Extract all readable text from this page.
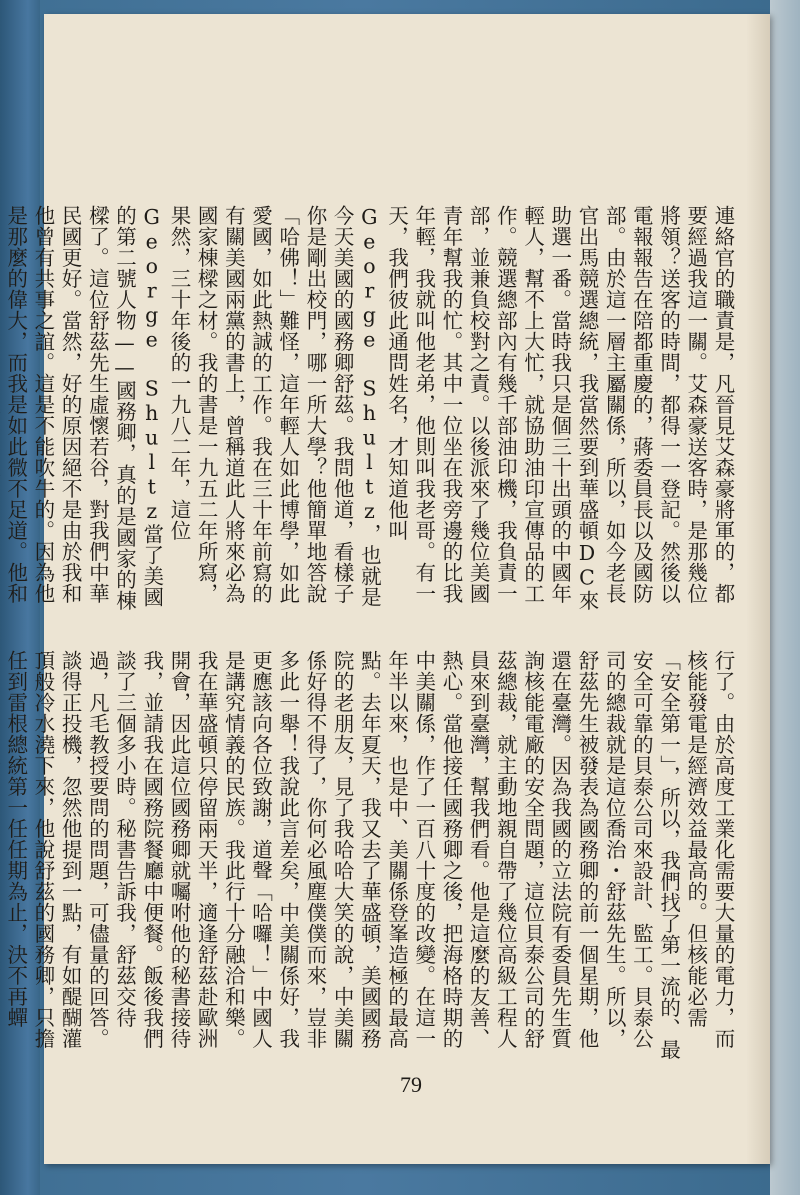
連絡官的職責是，凡晉見艾森豪將軍的，都要經過我這一關。艾森豪送客時，是那幾位將領？送客的時間，都得一一登記。然後以電報報告在陪都重慶的，蔣委員長以及國防部。由於這一層主屬關係，所以，如今老長官出馬競選總統，我當然要到華盛頓DC來助選一番。當時我只是個三十出頭的中國年輕人，幫不上大忙，就協助油印宣傳品的工作。競選總部內有幾千部油印機，我負責一部，並兼負校對之責。以後派來了幾位美國青年幫我的忙。其中一位坐在我旁邊的比我年輕，我就叫他老弟，他則叫我老哥。有一天，我們彼此通問姓名，才知道他叫George Shultz，也就是今天美國的國務卿舒茲。我問他道，看樣子你是剛出校門，哪一所大學？他簡單地答說「哈佛！」難怪，這年輕人如此博學，如此愛國，如此熱誠的工作。我在三十年前寫的有關美國兩黨的書上，曾稱道此人將來必為國家棟樑之材。我的書是一九五二年所寫，果然，三十年後的一九八二年，這位George Shultz當了美國的第二號人物——國務卿，真的是國家的棟樑了。這位舒茲先生虛懷若谷，對我們中華民國更好。當然，好的原因絕不是由於我和他曾有共事之誼。這是不能吹牛的。因為他是那麼的偉大，而我是如此微不足道。他和
行了。由於高度工業化需要大量的電力，而核能發電是經濟效益最高的。但核能必需「安全第一」，所以，我們找了第一流的、最安全可靠的貝泰公司來設計、監工。貝泰公司的總裁就是這位喬治・舒茲先生。所以，舒茲先生被發表為國務卿的前一個星期，他還在臺灣。因為我國的立法院有委員先生質詢核能電廠的安全問題，這位貝泰公司的舒茲總裁，就主動地親自帶了幾位高級工程人員來到臺灣，幫我們看。他是這麼的友善、熱心。當他接任國務卿之後，把海格時期的中美關係，作了一百八十度的改變。在這一年半以來，也是中、美關係登峯造極的最高點。去年夏天，我又去了華盛頓，美國國務院的老朋友，見了我哈哈大笑的說，中美關係好得不得了，你何必風塵僕僕而來，豈非多此一舉！我說此言差矣，中美關係好，我更應該向各位致謝，道聲「哈囉！」中國人是講究情義的民族。我此行十分融洽和樂。我在華盛頓只停留兩天半，適逢舒茲赴歐洲開會，因此這位國務卿就囑咐他的秘書接待我，並請我在國務院餐廳中便餐。飯後我們談了三個多小時。秘書告訴我，舒茲交待過，凡毛教授要問的問題，可儘量的回答。談得正投機，忽然他提到一點，有如醍醐灌頂般冷水澆下來，他說舒茲的國務卿，只擔任到雷根總統第一任任期為止，決不再蟬
79
